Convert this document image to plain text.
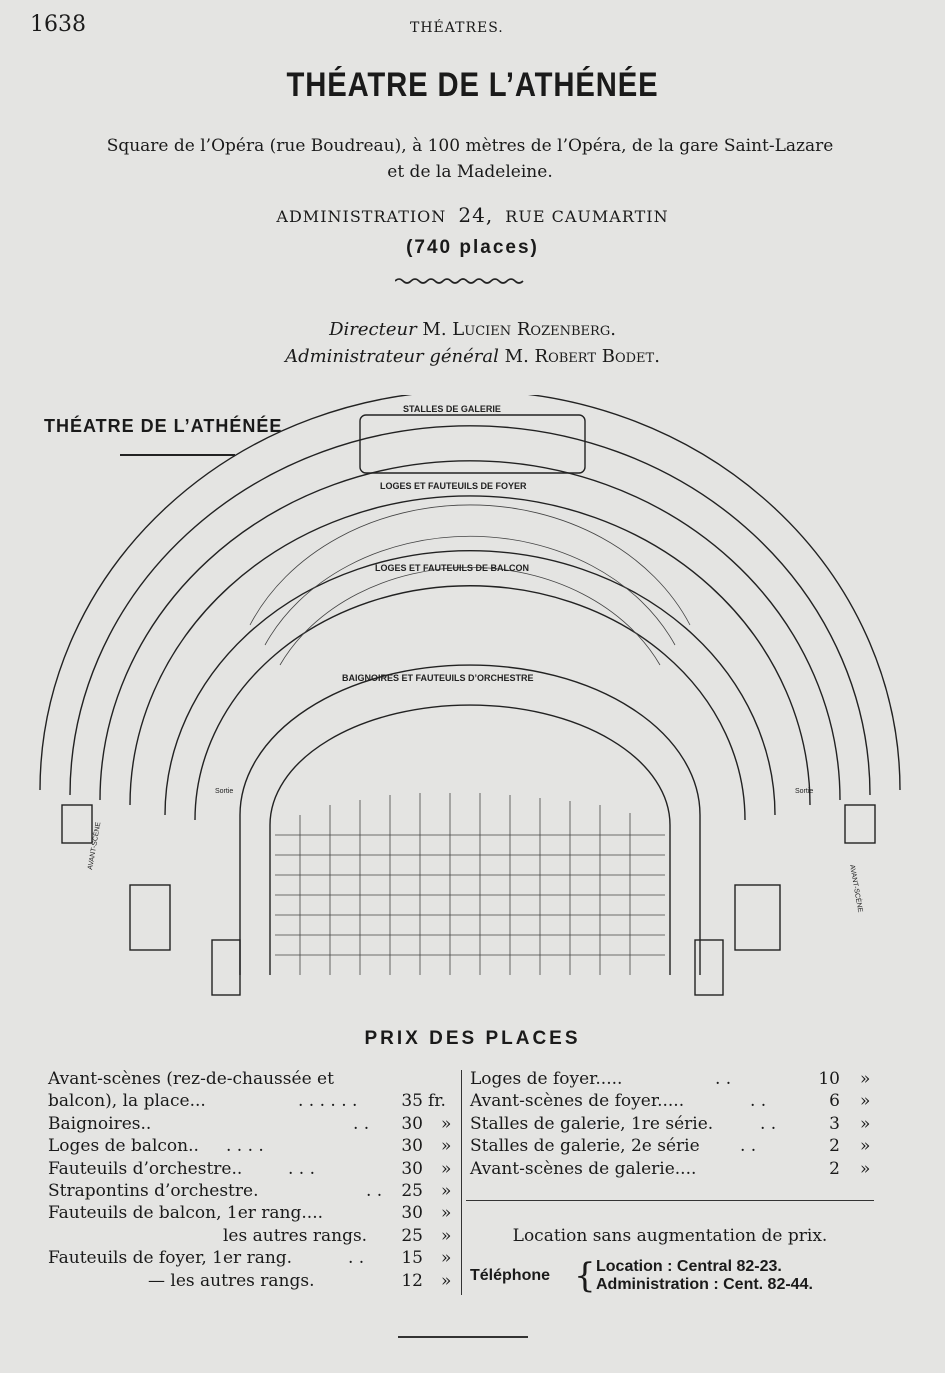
1638	THÉATRES.
THÉATRE DE L’ATHÉNÉE
Square de l’Opéra (rue Boudreau), à 100 mètres de l’Opéra, de la gare Saint-Lazare
et de la Madeleine.
ADMINISTRATION 24, RUE CAUMARTIN
(740 places)
Directeur M. Lucien Rozenberg.
Administrateur général M. Robert Bodet.
THÉATRE DE L’ATHÉNÉE
STALLES DE GALERIE
LOGES ET FAUTEUILS DE FOYER
LOGES ET FAUTEUILS DE BALCON
BAIGNOIRES ET FAUTEUILS D’ORCHESTRE
AVANT-SCÈNE
AVANT-SCÈNE
Sortie	Sortie
PRIX DES PLACES
Avant-scènes (rez-de-chaussée et
balcon), la place...	. . . . . .	35 fr.
Baignoires..	. .	30 »
Loges de balcon.. . . . .	30 »
Fauteuils d’orchestre..	. . .	30 »
Strapontins d’orchestre.	. .	25 »
Fauteuils de balcon, 1er rang....	30 »
les autres rangs.	25 »
Fauteuils de foyer, 1er rang.	. .	15 »
— les autres rangs.	12 »
Loges de foyer.....	. .	10 »
Avant-scènes de foyer.....	. .	6 »
Stalles de galerie, 1re série.	. .	3 »
Stalles de galerie, 2e série . .	2 »
Avant-scènes de galerie....	2 »
Location sans augmentation de prix.
Téléphone { Location : Central 82-23.
Administration : Cent. 82-44.
